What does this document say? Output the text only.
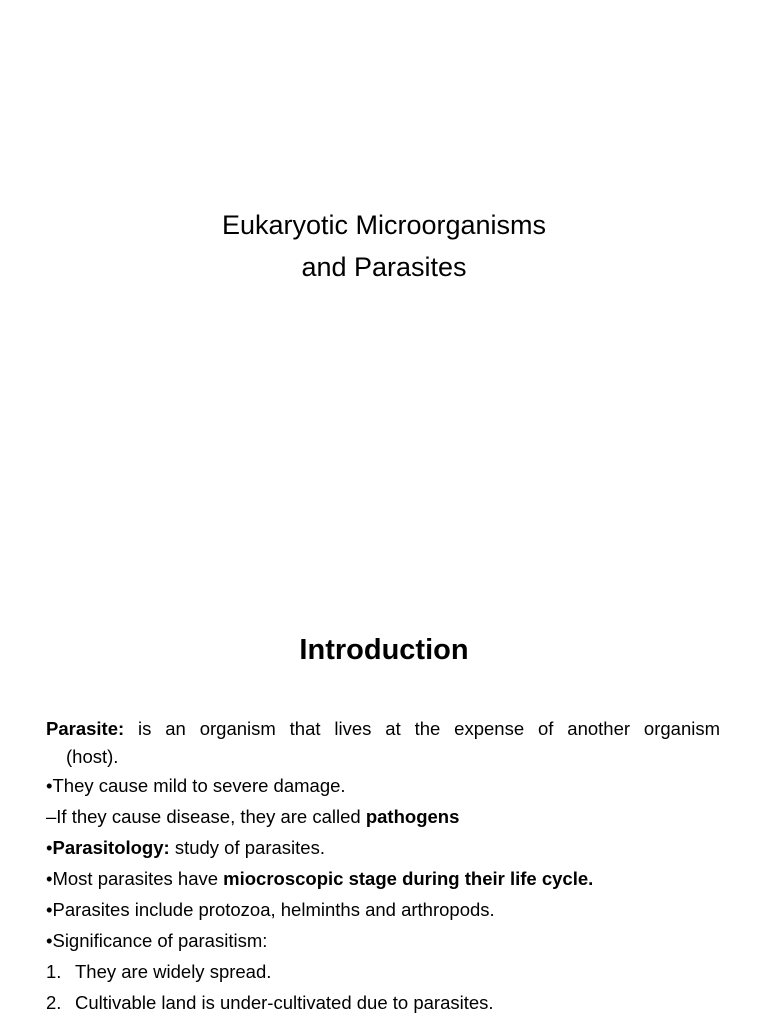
Eukaryotic Microorganisms
and Parasites
Introduction
Parasite: is an organism that lives at the expense of another organism
(host).
•They cause mild to severe damage.
–If they cause disease, they are called pathogens
•Parasitology: study of parasites.
•Most parasites have miocroscopic stage during their life cycle.
•Parasites include protozoa, helminths and arthropods.
•Significance of parasitism:
1. They are widely spread.
2. Cultivable land is under-cultivated due to parasites.
